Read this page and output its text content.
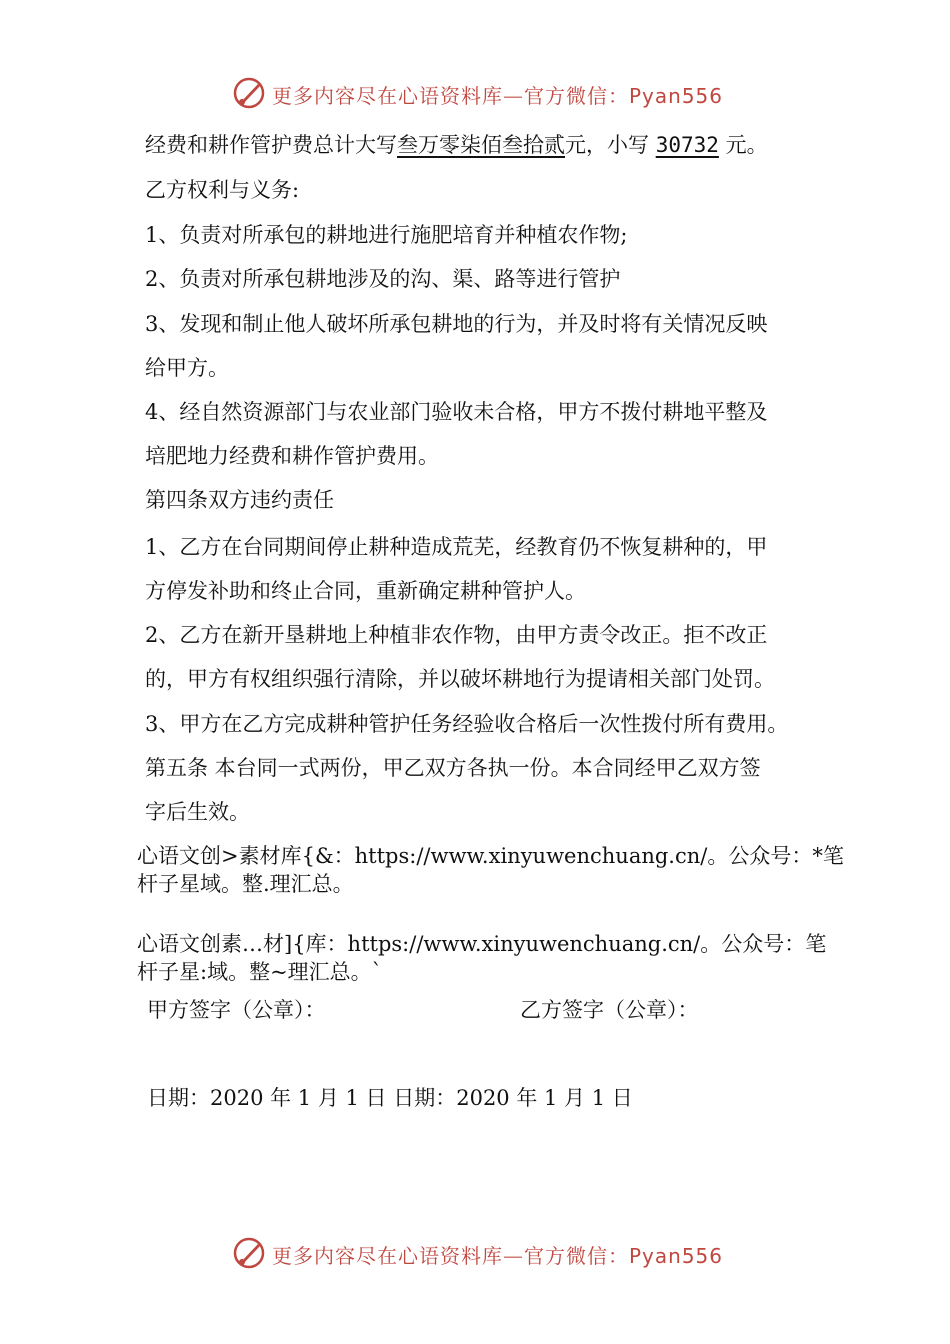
更多内容尽在心语资料库—官方微信：Pyan556
经费和耕作管护费总计大写叁万零柒佰叁拾贰元，小写 30732 元。
乙方权利与义务:
1、负责对所承包的耕地进行施肥培育并种植农作物;
2、负责对所承包耕地涉及的沟、渠、路等进行管护
3、发现和制止他人破坏所承包耕地的行为，并及时将有关情况反映
给甲方。
4、经自然资源部门与农业部门验收未合格，甲方不拨付耕地平整及
培肥地力经费和耕作管护费用。
第四条双方违约责任
1、乙方在台同期间停止耕种造成荒芜，经教育仍不恢复耕种的，甲
方停发补助和终止合同，重新确定耕种管护人。
2、乙方在新开垦耕地上种植非农作物，由甲方责令改正。拒不改正
的，甲方有权组织强行清除，并以破坏耕地行为提请相关部门处罚。
3、甲方在乙方完成耕种管护任务经验收合格后一次性拨付所有费用。
第五条 本台同一式两份，甲乙双方各执一份。本合同经甲乙双方签
字后生效。
心语文创>素材库{&：https://www.xinyuwenchuang.cn/。公众号：*笔
杆子星域。整.理汇总。
心语文创素…材]{库：https://www.xinyuwenchuang.cn/。公众号：笔
杆子星:域。整~理汇总。`
甲方签字（公章）：	乙方签字（公章）：
日期：2020 年 1 月 1 日 日期：2020 年 1 月 1 日
更多内容尽在心语资料库—官方微信：Pyan556
